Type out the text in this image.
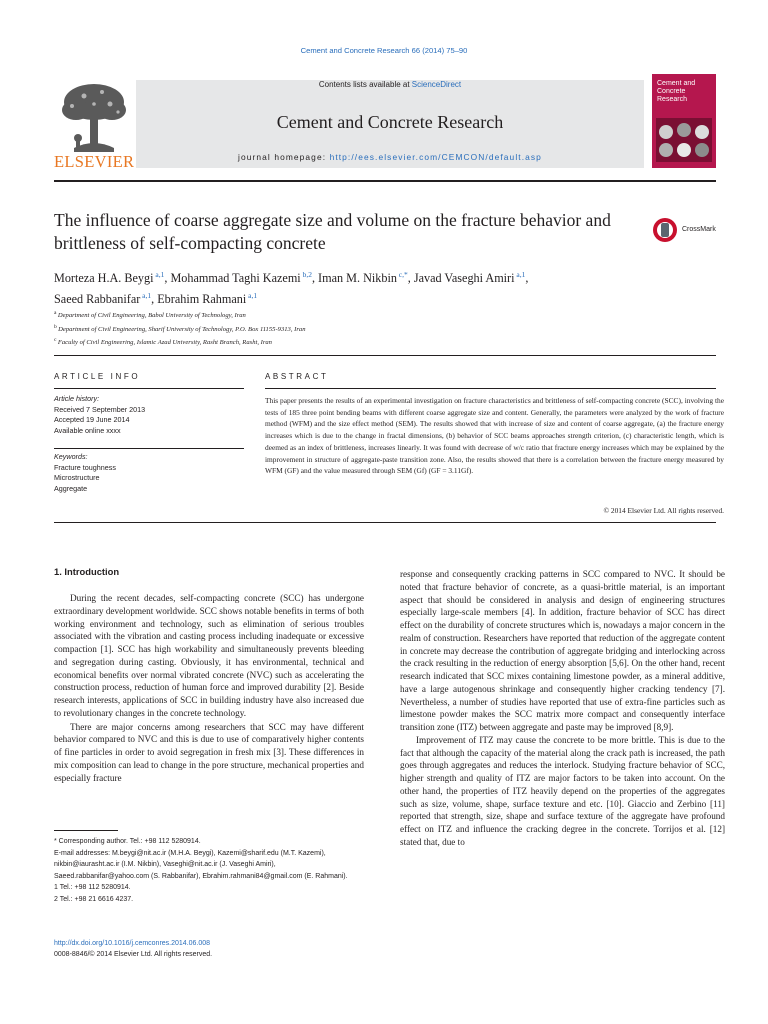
Cement and Concrete Research 66 (2014) 75–90
ELSEVIER
Contents lists available at ScienceDirect
Cement and Concrete Research
journal homepage: http://ees.elsevier.com/CEMCON/default.asp
Cement and Concrete Research
The influence of coarse aggregate size and volume on the fracture behavior and brittleness of self-compacting concrete
CrossMark
Morteza H.A. Beygi $^{a,1}$, Mohammad Taghi Kazemi $^{b,2}$, Iman M. Nikbin $^{c,*}$, Javad Vaseghi Amiri $^{a,1}$,
Saeed Rabbanifar $^{a,1}$, Ebrahim Rahmani $^{a,1}$
$^a$ Department of Civil Engineering, Babol University of Technology, Iran
$^b$ Department of Civil Engineering, Sharif University of Technology, P.O. Box 11155-9313, Iran
$^c$ Faculty of Civil Engineering, Islamic Azad University, Rasht Branch, Rasht, Iran
ARTICLE INFO
Article history:
Received 7 September 2013
Accepted 19 June 2014
Available online xxxx
Keywords:
Fracture toughness
Microstructure
Aggregate
ABSTRACT
This paper presents the results of an experimental investigation on fracture characteristics and brittleness of self-compacting concrete (SCC), involving the tests of 185 three point bending beams with different coarse aggregate size and content. Generally, the parameters were analyzed by the work of fracture method (WFM) and the size effect method (SEM). The results showed that with increase of size and content of coarse aggregate, (a) the fracture energy increases which is due to the change in fractal dimensions, (b) behavior of SCC beams approaches strength criterion, (c) characteristic length, which is deemed as an index of brittleness, increases linearly. It was found with decrease of w/c ratio that fracture energy increases which may be explained by the improvement in structure of aggregate-paste transition zone. Also, the results showed that there is a correlation between the fracture energy measured by WFM (GF) and the value measured through SEM (Gf) (GF = 3.11Gf).
© 2014 Elsevier Ltd. All rights reserved.
1. Introduction

During the recent decades, self-compacting concrete (SCC) has undergone extraordinary development worldwide. SCC shows notable benefits in terms of both working environment and technology, such as elimination of serious troubles associated with the vibration and casting process including inadequate or excessive compaction [1]. SCC has high workability and simultaneously prevents bleeding and segregation during casting. Obviously, it has environmental, technical and economical benefits over normal vibrated concrete (NVC) such as accelerating the construction process, reduction of human force and improved durability [2]. Beside research interests, applications of SCC in building industry have also increased due to revolutionary changes in the concrete technology.

There are major concerns among researchers that SCC may have different behavior compared to NVC and this is due to use of comparatively higher contents of fine particles in order to avoid segregation in fresh mix [3]. These differences in mix composition can lead to change in the pore structure, mechanical properties and especially fracture

response and consequently cracking patterns in SCC compared to NVC. It should be noted that fracture behavior of concrete, as a quasi-brittle material, is an important aspect that should be considered in analysis and design of engineering structures especially large-scale members [4]. In addition, fracture behavior of SCC has direct effect on the durability of concrete structures which is, nowadays a major concern in the realm of construction. Researchers have reported that reduction of the aggregate content in concrete may decrease the contribution of aggregate bridging and interlocking across the crack resulting in the reduction of energy absorption [5,6]. On the other hand, recent research indicated that SCC mixes containing limestone powder, as a mineral additive, have a large autogenous shrinkage and consequently higher cracking tendency [7]. Nevertheless, a number of studies have reported that use of extra-fine particles such as limestone powder makes the SCC matrix more compact and consequently interface transition zone (ITZ) between aggregate and paste may be improved [8,9].

Improvement of ITZ may cause the concrete to be more brittle. This is due to the fact that although the capacity of the material along the crack path is increased, the path goes through aggregates and reduces the interlock. Studying fracture behavior of SCC, higher strength and quality of ITZ are major factors to be taken into account. On the other hand, the properties of ITZ heavily depend on the properties of the aggregates such as size, volume, shape, surface texture and etc. [10]. Giaccio and Zerbino [11] reported that strength, size, shape and surface texture of the aggregate have profound effect on ITZ and influence the cracking degree in the concrete. Torrijos et al. [12] stated that, due to

* Corresponding author. Tel.: +98 112 5280914.
E-mail addresses: M.beygi@nit.ac.ir (M.H.A. Beygi), Kazemi@sharif.edu (M.T. Kazemi), nikbin@iaurasht.ac.ir (I.M. Nikbin), Vaseghi@nit.ac.ir (J. Vaseghi Amiri), Saeed.rabbanifar@yahoo.com (S. Rabbanifar), Ebrahim.rahmani84@gmail.com (E. Rahmani).
1 Tel.: +98 112 5280914.
2 Tel.: +98 21 6616 4237.
http://dx.doi.org/10.1016/j.cemconres.2014.06.008
0008-8846/© 2014 Elsevier Ltd. All rights reserved.
